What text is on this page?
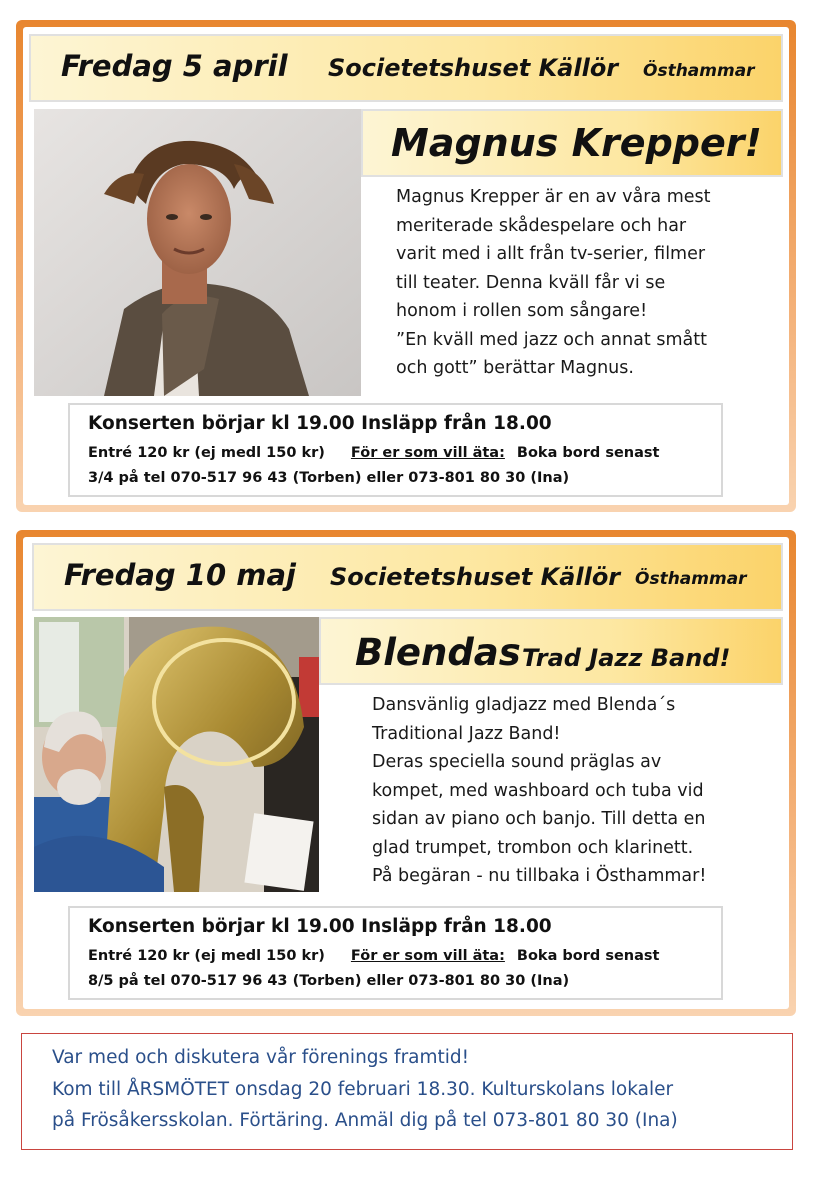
Fredag 5 april Societetshuset Källör Östhammar
Magnus Krepper!
Magnus Krepper är en av våra mest
meriterade skådespelare och har
varit med i allt från tv-serier, filmer
till teater. Denna kväll får vi se
honom i rollen som sångare!
”En kväll med jazz och annat smått
och gott” berättar Magnus.
Konserten börjar kl 19.00 Insläpp från 18.00
Entré 120 kr (ej medl 150 kr) För er som vill äta: Boka bord senast
3/4 på tel 070-517 96 43 (Torben) eller 073-801 80 30 (Ina)
Fredag 10 maj Societetshuset Källör Östhammar
Blendas Trad Jazz Band!
Dansvänlig gladjazz med Blenda´s
Traditional Jazz Band!
Deras speciella sound präglas av
kompet, med washboard och tuba vid
sidan av piano och banjo. Till detta en
glad trumpet, trombon och klarinett.
På begäran - nu tillbaka i Östhammar!
Konserten börjar kl 19.00 Insläpp från 18.00
Entré 120 kr (ej medl 150 kr) För er som vill äta: Boka bord senast
8/5 på tel 070-517 96 43 (Torben) eller 073-801 80 30 (Ina)
Var med och diskutera vår förenings framtid!
Kom till ÅRSMÖTET onsdag 20 februari 18.30. Kulturskolans lokaler
på Frösåkersskolan. Förtäring. Anmäl dig på tel 073-801 80 30 (Ina)
